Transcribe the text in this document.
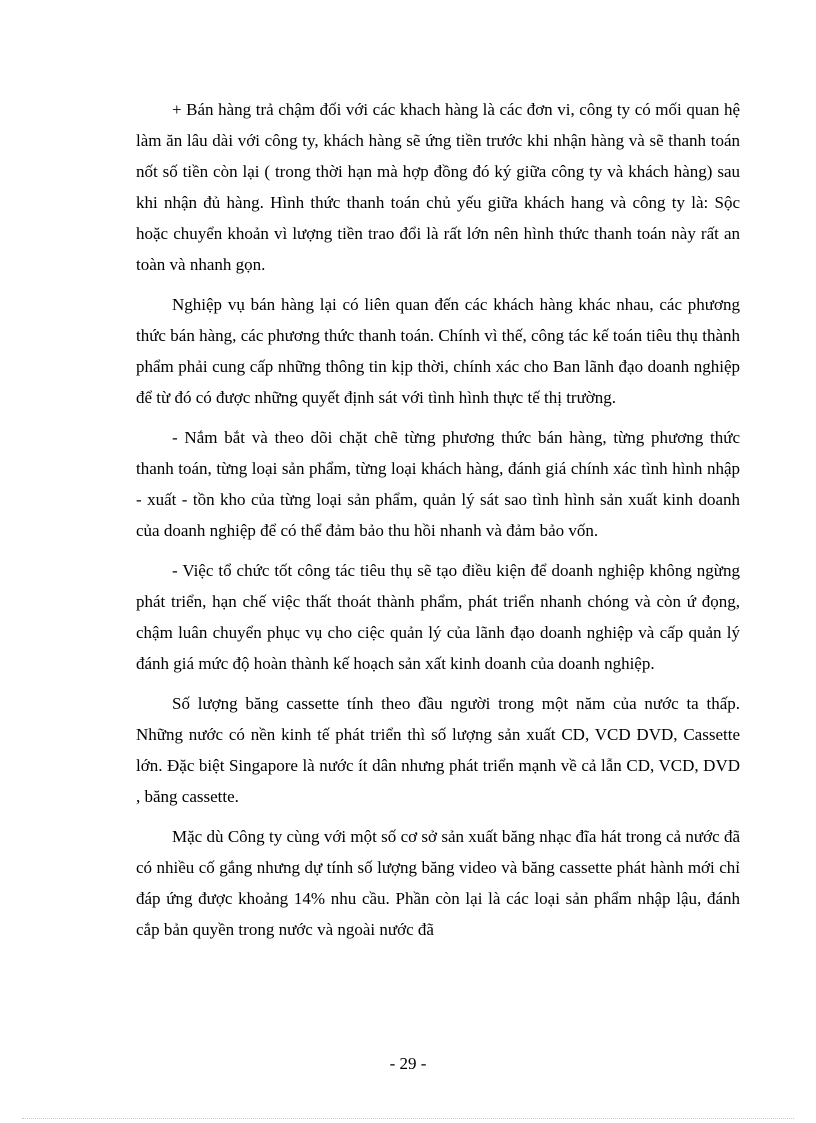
+ Bán hàng trả chậm đối với các khach hàng là các đơn vi, công ty có mối quan hệ làm ăn lâu dài với công ty, khách hàng sẽ ứng tiền trước khi nhận hàng và sẽ thanh toán nốt số tiền còn lại ( trong thời hạn mà hợp đồng đó ký giữa công ty và khách hàng) sau khi nhận đủ hàng. Hình thức thanh toán chủ yếu giữa khách hang và công ty là: Sộc hoặc chuyển khoản vì lượng tiền trao đổi là rất lớn nên hình thức thanh toán này rất an toàn và nhanh gọn.

Nghiệp vụ bán hàng lại có liên quan đến các khách hàng khác nhau, các phương thức bán hàng, các phương thức thanh toán. Chính vì thế, công tác kế toán tiêu thụ thành phẩm phải cung cấp những thông tin kịp thời, chính xác cho Ban lãnh đạo doanh nghiệp để từ đó có được những quyết định sát với tình hình thực tế thị trường.

- Nắm bắt và theo dõi chặt chẽ từng phương thức bán hàng, từng phương thức thanh toán, từng loại sản phẩm, từng loại khách hàng, đánh giá chính xác tình hình nhập - xuất - tồn kho của từng loại sản phẩm, quản lý sát sao tình hình sản xuất kinh doanh của doanh nghiệp để có thể đảm bảo thu hồi nhanh và đảm bảo vốn.

- Việc tổ chức tốt công tác tiêu thụ sẽ tạo điều kiện để doanh nghiệp không ngừng phát triển, hạn chế việc thất thoát thành phẩm, phát triển nhanh chóng và còn ứ đọng, chậm luân chuyển phục vụ cho ciệc quản lý của lãnh đạo doanh nghiệp và cấp quản lý đánh giá mức độ hoàn thành kế hoạch sản xất kinh doanh của doanh nghiệp.

Số lượng băng cassette tính theo đầu người trong một năm của nước ta thấp. Những nước có nền kinh tế phát triển thì số lượng sản xuất CD, VCD DVD, Cassette lớn. Đặc biệt Singapore là nước ít dân nhưng phát triển mạnh về cả lẫn CD, VCD, DVD , băng cassette.

Mặc dù Công ty cùng với một số cơ sở sản xuất băng nhạc đĩa hát trong cả nước đã có nhiều cố gắng nhưng dự tính số lượng băng video và băng cassette phát hành mới chỉ đáp ứng được khoảng 14% nhu cầu. Phần còn lại là các loại sản phẩm nhập lậu, đánh cắp bản quyền trong nước và ngoài nước đã

- 29 -
